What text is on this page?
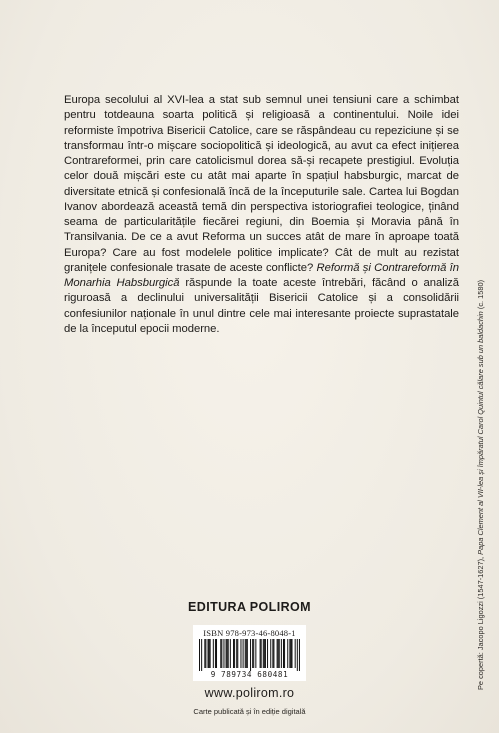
Europa secolului al XVI-lea a stat sub semnul unei tensiuni care a schimbat pentru totdeauna soarta politică și religioasă a continentului. Noile idei reformiste împotriva Bisericii Catolice, care se răspândeau cu repeziciune și se transformau într-o mișcare sociopolitică și ideologică, au avut ca efect inițierea Contrareformei, prin care catolicismul dorea să-și recapete prestigiul. Evoluția celor două mișcări este cu atât mai aparte în spațiul habsburgic, marcat de diversitate etnică și confesională încă de la începuturile sale. Cartea lui Bogdan Ivanov abordează această temă din perspectiva istoriografiei teologice, ținând seama de particularitățile fiecărei regiuni, din Boemia și Moravia până în Transilvania. De ce a avut Reforma un succes atât de mare în aproape toată Europa? Care au fost modelele politice implicate? Cât de mult au rezistat granițele confesionale trasate de aceste conflicte? Reformă și Contrareformă în Monarhia Habsburgică răspunde la toate aceste întrebări, făcând o analiză riguroasă a declinului universalității Bisericii Catolice și a consolidării confesiunilor naționale în unul dintre cele mai interesante proiecte suprastatale de la începutul epocii moderne.

EDITURA POLIROM
ISBN 978-973-46-8048-1
9 789734 680481
www.polirom.ro
Carte publicată și în ediție digitală
Pe copertă: Jacopo Ligozzi (1547-1627), Papa Clement al VII-lea și împăratul Carol Quintul călare sub un baldachin (c. 1580)
